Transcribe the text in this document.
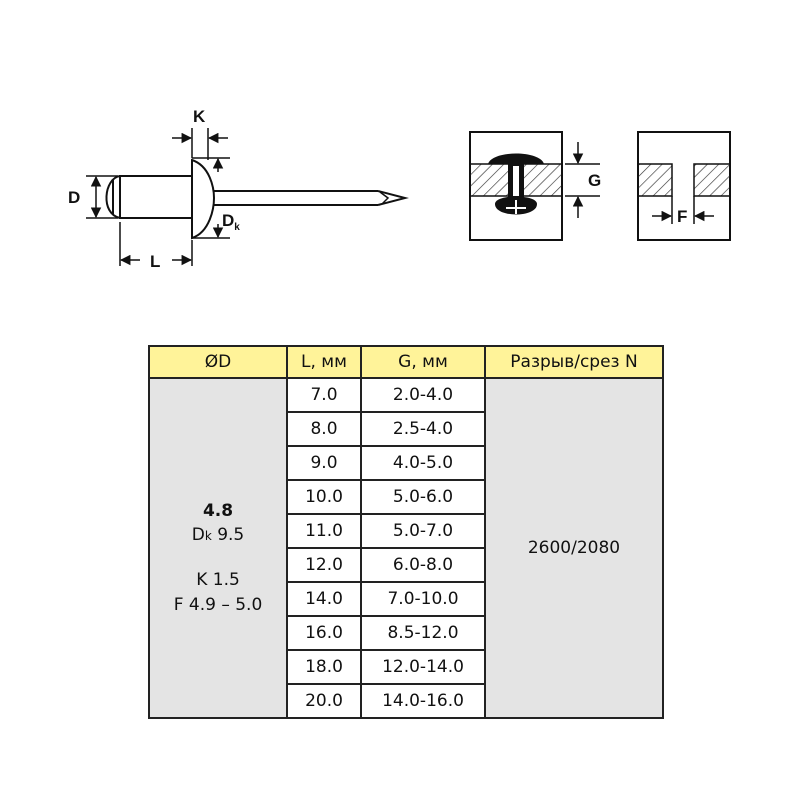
K
D
$D_k$
L
G
F
ØD	L, мм	G, мм	Разрыв/срез N

4.8
Dk 9.5
K 1.5
F 4.9 – 5.0	7.0	2.0-4.0	2600/2080
	8.0	2.5-4.0	
	9.0	4.0-5.0	
	10.0	5.0-6.0	
	11.0	5.0-7.0	
	12.0	6.0-8.0	
	14.0	7.0-10.0	
	16.0	8.5-12.0	
	18.0	12.0-14.0	
	20.0	14.0-16.0	
